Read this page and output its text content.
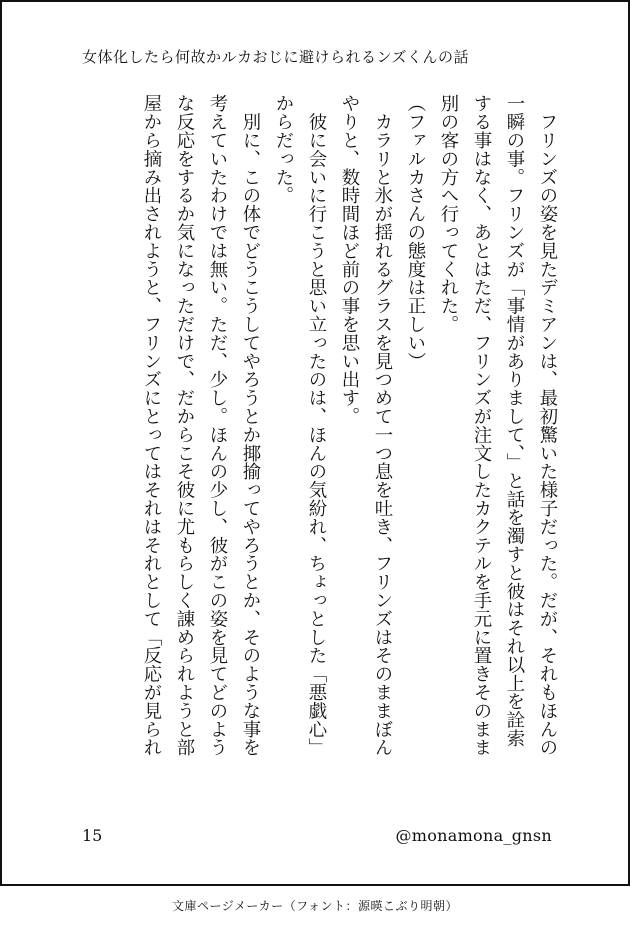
女体化したら何故かルカおじに避けられるンズくんの話

　フリンズの姿を見たデミアンは、最初驚いた様子だった。だが、それもほんの

一瞬の事。フリンズが「事情がありまして、」と話を濁すと彼はそれ以上を詮索

する事はなく、あとはただ、フリンズが注文したカクテルを手元に置きそのまま

別の客の方へ行ってくれた。

（ファルカさんの態度は正しい）

　カラリと氷が揺れるグラスを見つめて一つ息を吐き、フリンズはそのままぼん

やりと、数時間ほど前の事を思い出す。

　彼に会いに行こうと思い立ったのは、ほんの気紛れ、ちょっとした「悪戯心」

からだった。

　別に、この体でどうこうしてやろうとか揶揄ってやろうとか、そのような事を

考えていたわけでは無い。ただ、少し。ほんの少し、彼がこの姿を見てどのよう

な反応をするか気になっただけで、だからこそ彼に尤もらしく諌められようと部

屋から摘み出されようと、フリンズにとってはそれはそれとして「反応が見られ

15	@monamona_gnsn
文庫ページメーカー（フォント：源暎こぶり明朝）
